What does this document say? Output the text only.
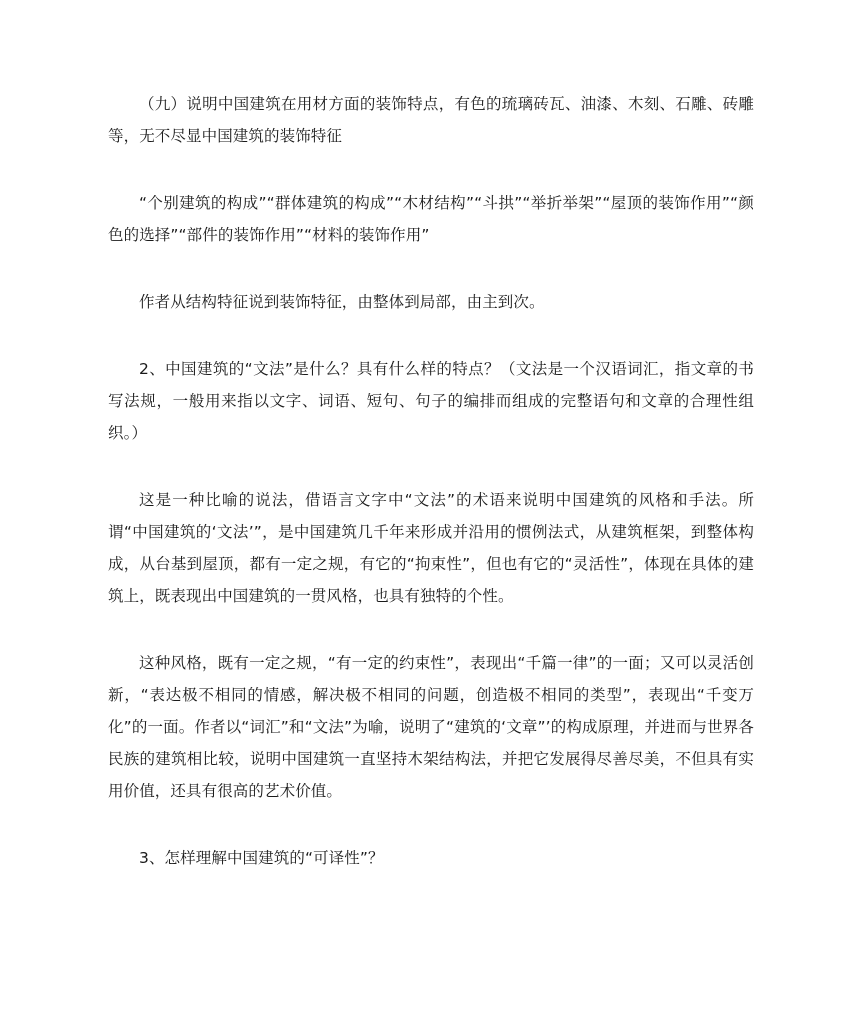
（九）说明中国建筑在用材方面的装饰特点，有色的琉璃砖瓦、油漆、木刻、石雕、砖雕等，无不尽显中国建筑的装饰特征

“个别建筑的构成”“群体建筑的构成”“木材结构”“斗拱”“举折举架”“屋顶的装饰作用”“颜色的选择”“部件的装饰作用”“材料的装饰作用”

作者从结构特征说到装饰特征，由整体到局部，由主到次。

2、中国建筑的“文法”是什么？具有什么样的特点？（文法是一个汉语词汇，指文章的书写法规，一般用来指以文字、词语、短句、句子的编排而组成的完整语句和文章的合理性组织。）

这是一种比喻的说法，借语言文字中“文法”的术语来说明中国建筑的风格和手法。所谓“中国建筑的‘文法’”，是中国建筑几千年来形成并沿用的惯例法式，从建筑框架，到整体构成，从台基到屋顶，都有一定之规，有它的“拘束性”，但也有它的“灵活性”，体现在具体的建筑上，既表现出中国建筑的一贯风格，也具有独特的个性。

这种风格，既有一定之规，“有一定的约束性”，表现出“千篇一律”的一面；又可以灵活创新，“表达极不相同的情感，解决极不相同的问题，创造极不相同的类型”，表现出“千变万化”的一面。作者以“词汇”和“文法”为喻，说明了“建筑的‘文章”’的构成原理，并进而与世界各民族的建筑相比较，说明中国建筑一直坚持木架结构法，并把它发展得尽善尽美，不但具有实用价值，还具有很高的艺术价值。

3、怎样理解中国建筑的“可译性”？
